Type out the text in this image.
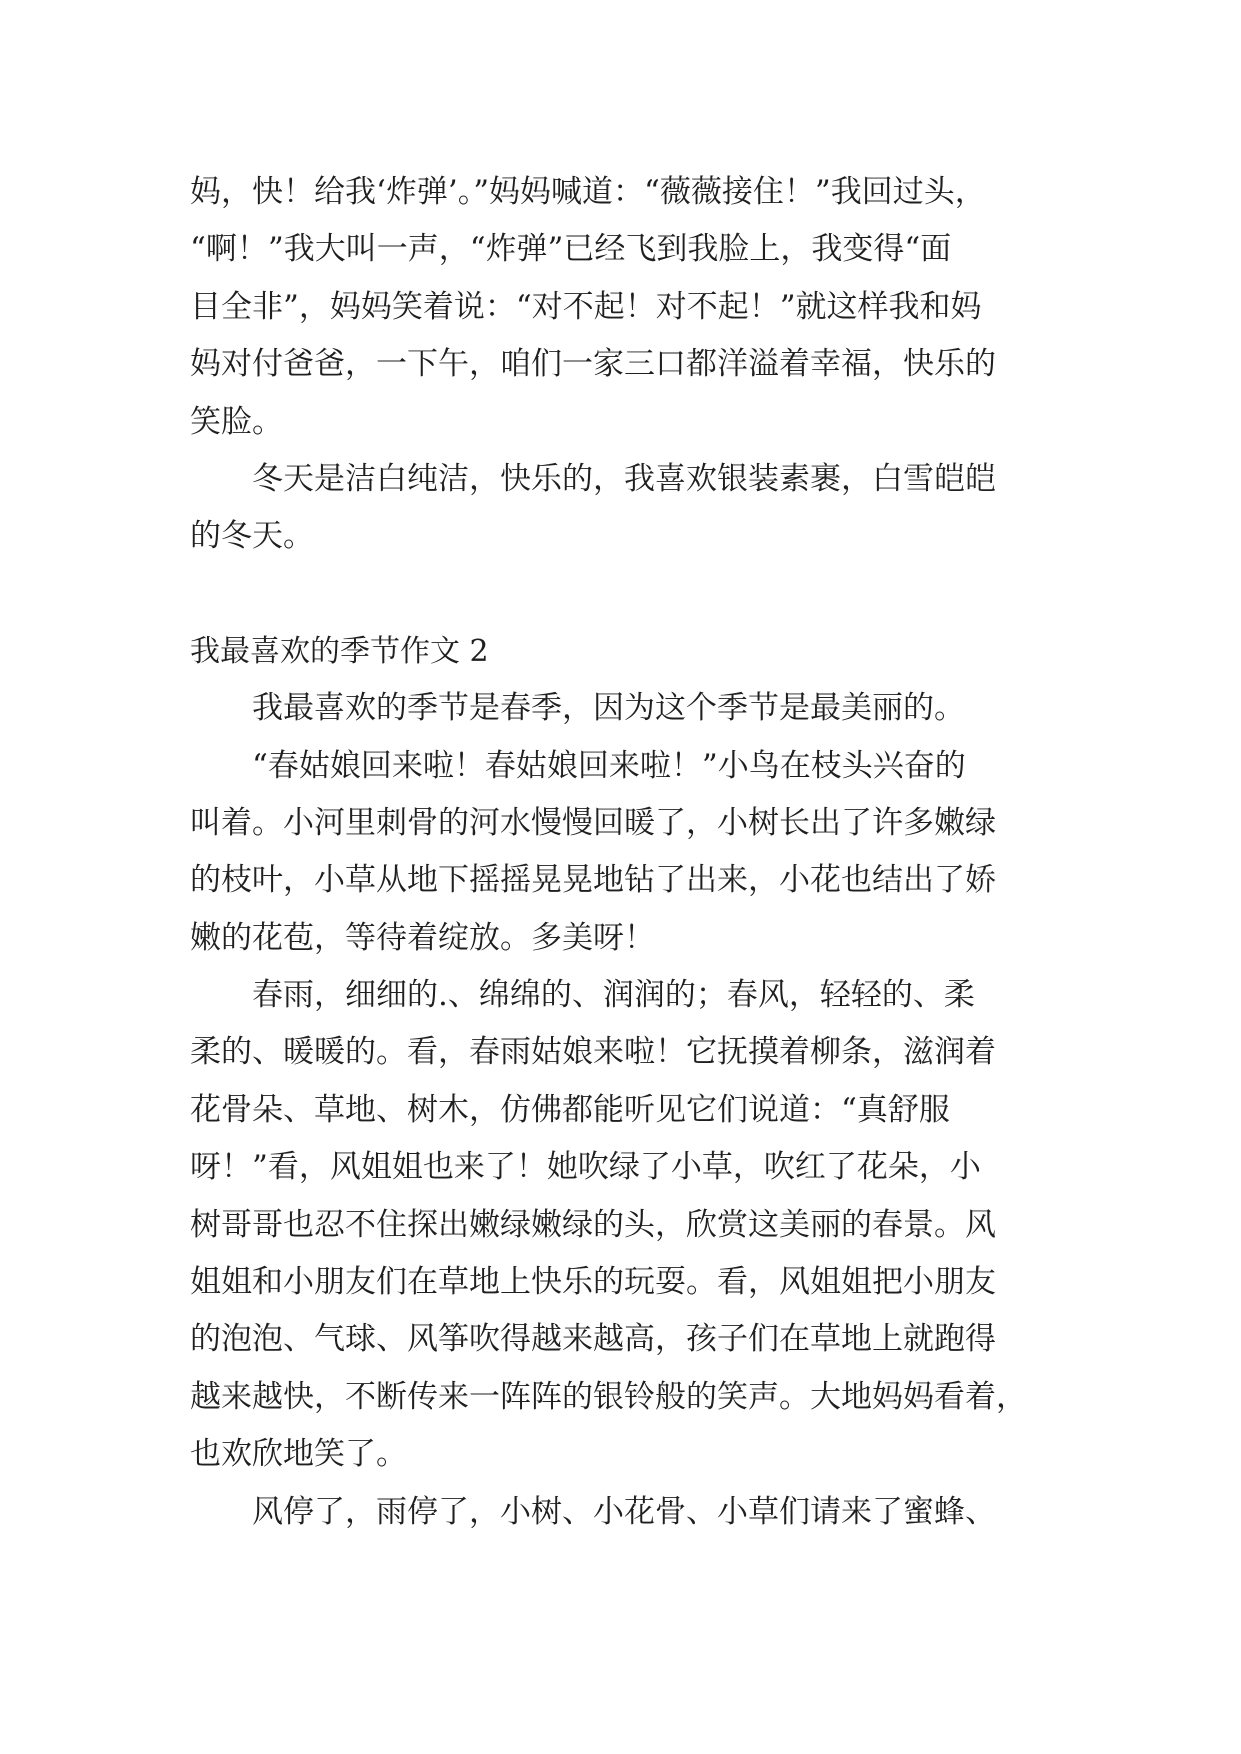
妈，快！给我‘炸弹’。”妈妈喊道：“薇薇接住！”我回过头，
“啊！”我大叫一声，“炸弹”已经飞到我脸上，我变得“面
目全非”，妈妈笑着说：“对不起！对不起！”就这样我和妈
妈对付爸爸，一下午，咱们一家三口都洋溢着幸福，快乐的
笑脸。
　　冬天是洁白纯洁，快乐的，我喜欢银装素裹，白雪皑皑
的冬天。
我最喜欢的季节作文 2
　　我最喜欢的季节是春季，因为这个季节是最美丽的。
　　“春姑娘回来啦！春姑娘回来啦！”小鸟在枝头兴奋的
叫着。小河里刺骨的河水慢慢回暖了，小树长出了许多嫩绿
的枝叶，小草从地下摇摇晃晃地钻了出来，小花也结出了娇
嫩的花苞，等待着绽放。多美呀！
　　春雨，细细的.、绵绵的、润润的；春风，轻轻的、柔
柔的、暖暖的。看，春雨姑娘来啦！它抚摸着柳条，滋润着
花骨朵、草地、树木，仿佛都能听见它们说道：“真舒服
呀！”看，风姐姐也来了！她吹绿了小草，吹红了花朵，小
树哥哥也忍不住探出嫩绿嫩绿的头，欣赏这美丽的春景。风
姐姐和小朋友们在草地上快乐的玩耍。看，风姐姐把小朋友
的泡泡、气球、风筝吹得越来越高，孩子们在草地上就跑得
越来越快，不断传来一阵阵的银铃般的笑声。大地妈妈看着，
也欢欣地笑了。
　　风停了，雨停了，小树、小花骨、小草们请来了蜜蜂、
